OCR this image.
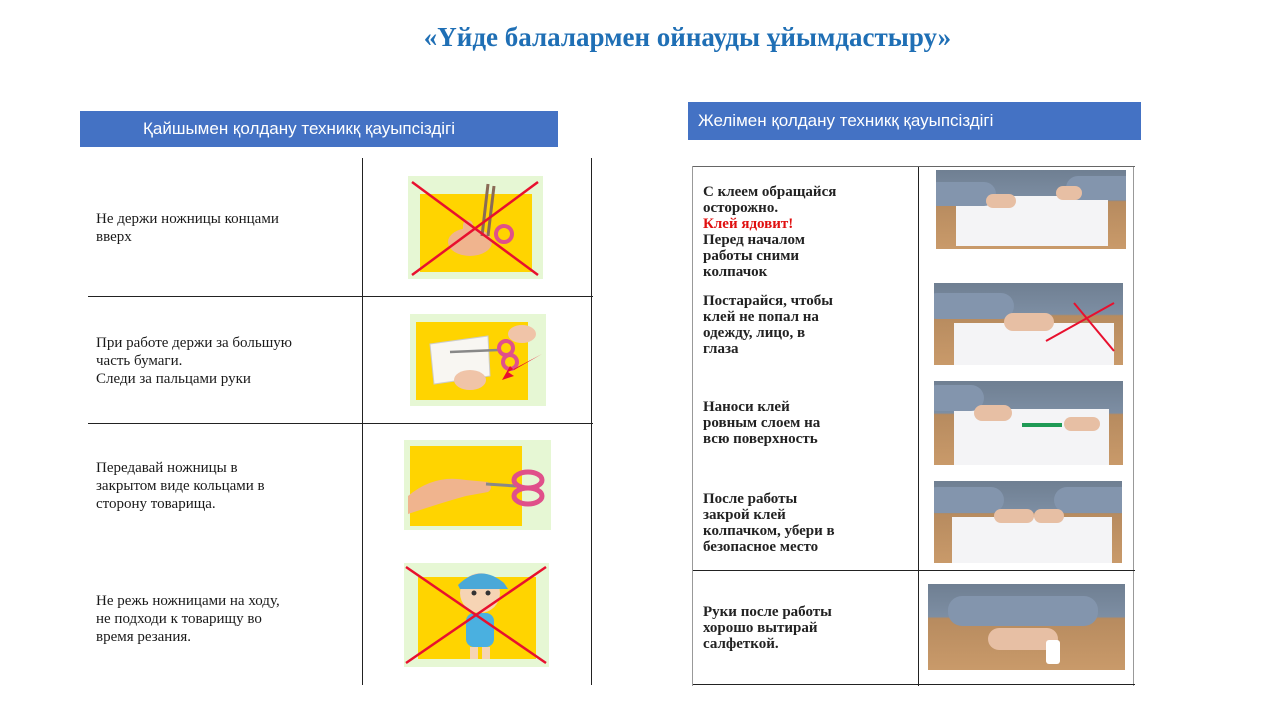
«Үйде балалармен ойнауды ұйымдастыру»
Қайшымен қолдану техникқ қауыпсіздігі
Не держи ножницы концами
вверх
При работе держи за большую
часть бумаги.
Следи за пальцами руки
Передавай ножницы в
закрытом виде кольцами в
сторону товарища.
Не режь ножницами на ходу,
не подходи к товарищу во
время резания.
Желімен қолдану техникқ қауыпсіздігі

С клеем обращайся
осторожно.
Клей ядовит!
Перед началом
работы сними
колпачок

Постарайся, чтобы
клей не попал на
одежду, лицо, в
глаза
Наноси клей
ровным слоем на
всю поверхность
После работы
закрой клей
колпачком, убери в
безопасное место
Руки после работы
хорошо вытирай
салфеткой.
